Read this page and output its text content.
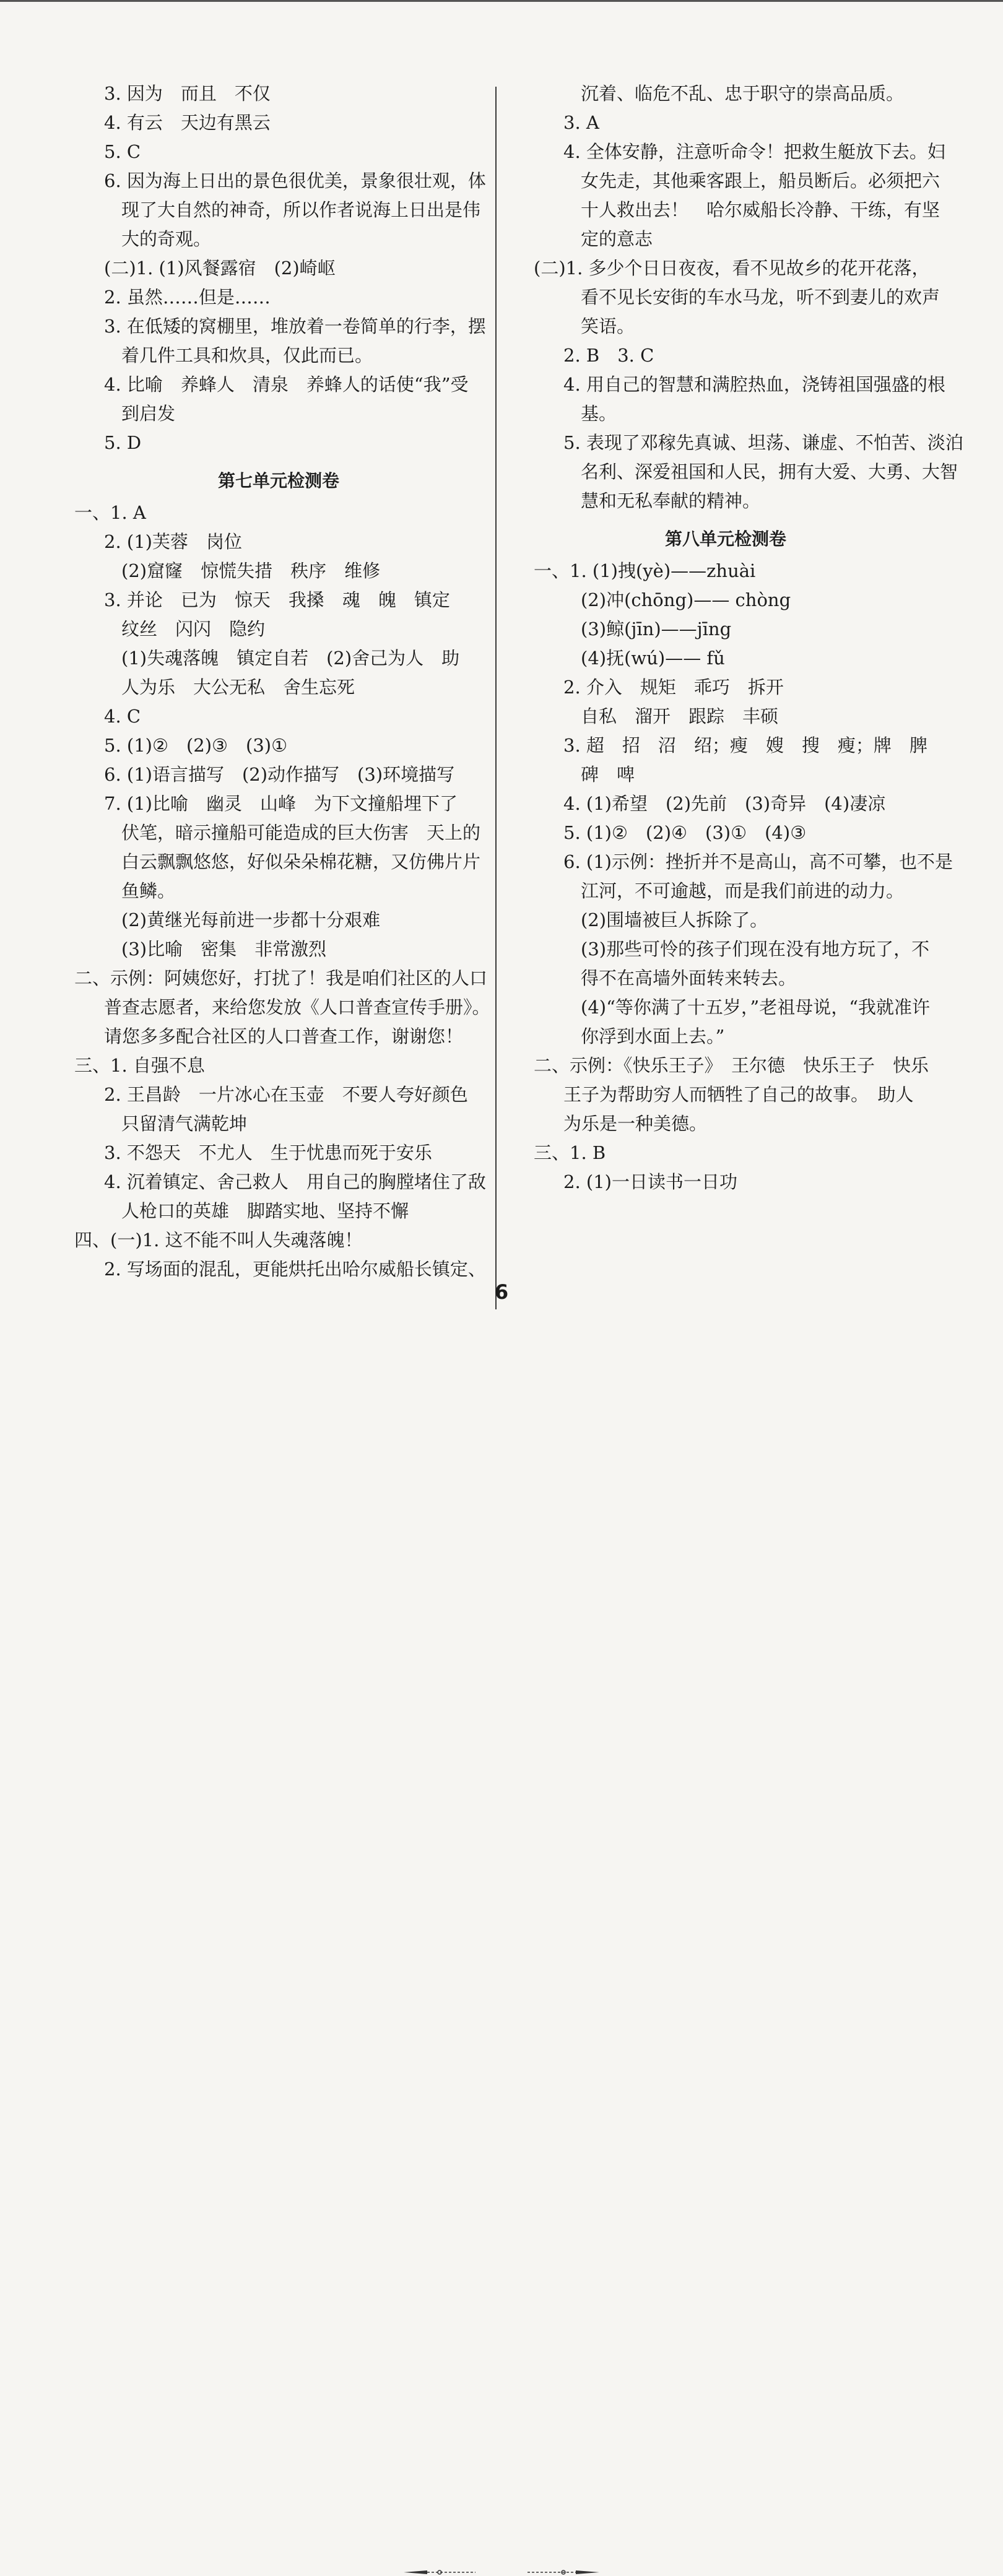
3. 因为　而且　不仅
4. 有云　天边有黑云
5. C
6. 因为海上日出的景色很优美，景象很壮观，体
现了大自然的神奇，所以作者说海上日出是伟
大的奇观。
(二)1. (1)风餐露宿　(2)崎岖
2. 虽然……但是……
3. 在低矮的窝棚里，堆放着一卷简单的行李，摆
着几件工具和炊具，仅此而已。
4. 比喻　养蜂人　清泉　养蜂人的话使“我”受
到启发
5. D
第七单元检测卷
一、1. A
2. (1)芙蓉　岗位
(2)窟窿　惊慌失措　秩序　维修
3. 并论　已为　惊天　我搡　魂　魄　镇定
纹丝　闪闪　隐约
(1)失魂落魄　镇定自若　(2)舍己为人　助
人为乐　大公无私　舍生忘死
4. C
5. (1)②　(2)③　(3)①
6. (1)语言描写　(2)动作描写　(3)环境描写
7. (1)比喻　幽灵　山峰　为下文撞船埋下了
伏笔，暗示撞船可能造成的巨大伤害　天上的
白云飘飘悠悠，好似朵朵棉花糖，又仿佛片片
鱼鳞。
(2)黄继光每前进一步都十分艰难
(3)比喻　密集　非常激烈
二、示例：阿姨您好，打扰了！我是咱们社区的人口
普查志愿者，来给您发放《人口普查宣传手册》。
请您多多配合社区的人口普查工作，谢谢您！
三、1. 自强不息
2. 王昌龄　一片冰心在玉壶　不要人夸好颜色
只留清气满乾坤
3. 不怨天　不尤人　生于忧患而死于安乐
4. 沉着镇定、舍己救人　用自己的胸膛堵住了敌
人枪口的英雄　脚踏实地、坚持不懈
四、(一)1. 这不能不叫人失魂落魄！
2. 写场面的混乱，更能烘托出哈尔威船长镇定、
沉着、临危不乱、忠于职守的崇高品质。
3. A
4. 全体安静，注意听命令！把救生艇放下去。妇
女先走，其他乘客跟上，船员断后。必须把六
十人救出去！　哈尔威船长冷静、干练，有坚
定的意志
(二)1. 多少个日日夜夜，看不见故乡的花开花落，
看不见长安街的车水马龙，听不到妻儿的欢声
笑语。
2. B　3. C
4. 用自己的智慧和满腔热血，浇铸祖国强盛的根
基。
5. 表现了邓稼先真诚、坦荡、谦虚、不怕苦、淡泊
名利、深爱祖国和人民，拥有大爱、大勇、大智
慧和无私奉献的精神。
第八单元检测卷
一、1. (1)拽(yè)——zhuài
(2)冲(chōng)—— chòng
(3)鲸(jīn)——jīng
(4)抚(wú)—— fǔ
2. 介入　规矩　乖巧　拆开
自私　溜开　跟踪　丰硕
3. 超　招　沼　绍；瘦　嫂　搜　瘦；牌　脾
碑　啤
4. (1)希望　(2)先前　(3)奇异　(4)凄凉
5. (1)②　(2)④　(3)①　(4)③
6. (1)示例：挫折并不是高山，高不可攀，也不是
江河，不可逾越，而是我们前进的动力。
(2)围墙被巨人拆除了。
(3)那些可怜的孩子们现在没有地方玩了，不
得不在高墙外面转来转去。
(4)“等你满了十五岁，”老祖母说，“我就准许
你浮到水面上去。”
二、示例：《快乐王子》　王尔德　快乐王子　快乐
王子为帮助穷人而牺牲了自己的故事。　助人
为乐是一种美德。
三、1. B
2. (1)一日读书一日功
6
